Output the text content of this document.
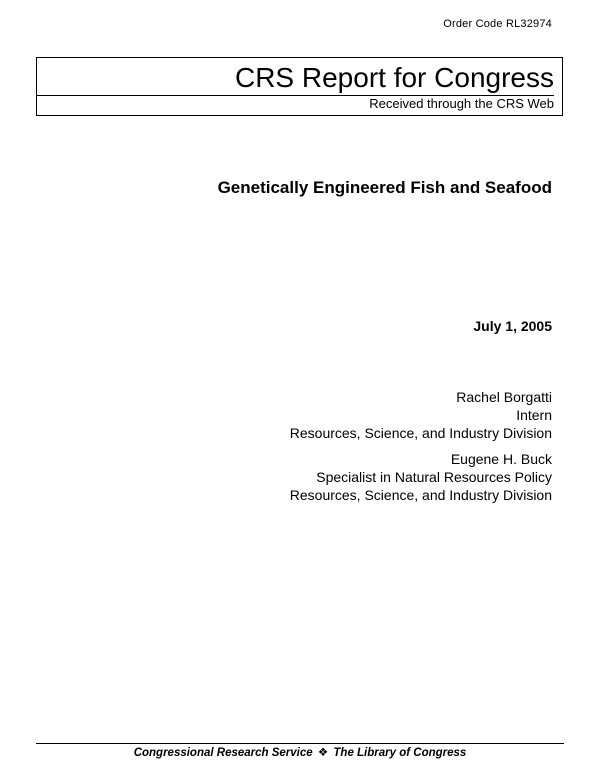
Order Code RL32974
CRS Report for Congress
Received through the CRS Web
Genetically Engineered Fish and Seafood
July 1, 2005
Rachel Borgatti
Intern
Resources, Science, and Industry Division
Eugene H. Buck
Specialist in Natural Resources Policy
Resources, Science, and Industry Division
Congressional Research Service ❖ The Library of Congress
